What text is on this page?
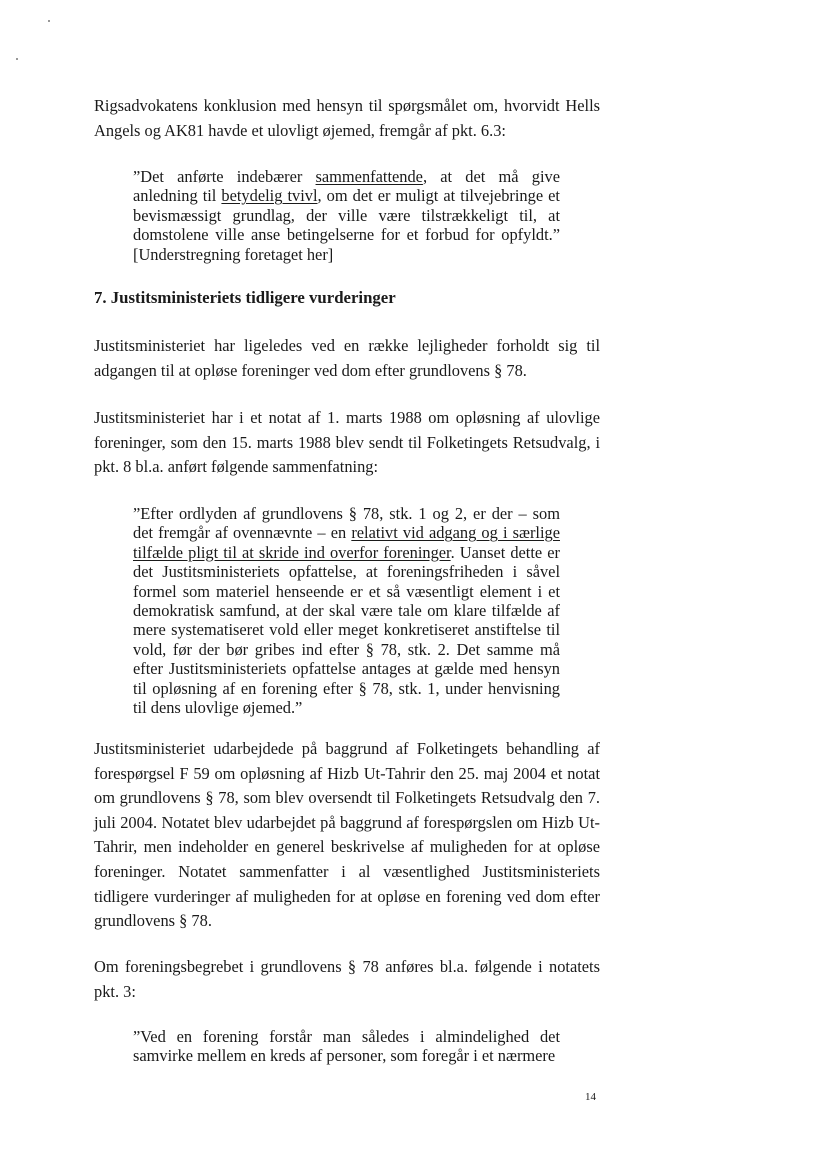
Rigsadvokatens konklusion med hensyn til spørgsmålet om, hvorvidt Hells Angels og AK81 havde et ulovligt øjemed, fremgår af pkt. 6.3:

”Det anførte indebærer sammenfattende, at det må give anledning til betydelig tvivl, om det er muligt at tilvejebringe et bevismæssigt grundlag, der ville være tilstrækkeligt til, at domstolene ville anse betingelserne for et forbud for opfyldt.” [Understregning foretaget her]

7. Justitsministeriets tidligere vurderinger

Justitsministeriet har ligeledes ved en række lejligheder forholdt sig til adgangen til at opløse foreninger ved dom efter grundlovens § 78.

Justitsministeriet har i et notat af 1. marts 1988 om opløsning af ulovlige foreninger, som den 15. marts 1988 blev sendt til Folketingets Retsudvalg, i pkt. 8 bl.a. anført følgende sammenfatning:

”Efter ordlyden af grundlovens § 78, stk. 1 og 2, er der – som det fremgår af ovennævnte – en relativt vid adgang og i særlige tilfælde pligt til at skride ind overfor foreninger. Uanset dette er det Justitsministeriets opfattelse, at foreningsfriheden i såvel formel som materiel henseende er et så væsentligt element i et demokratisk samfund, at der skal være tale om klare tilfælde af mere systematiseret vold eller meget konkretiseret anstiftelse til vold, før der bør gribes ind efter § 78, stk. 2. Det samme må efter Justitsministeriets opfattelse antages at gælde med hensyn til opløsning af en forening efter § 78, stk. 1, under henvisning til dens ulovlige øjemed.”

Justitsministeriet udarbejdede på baggrund af Folketingets behandling af forespørgsel F 59 om opløsning af Hizb Ut-Tahrir den 25. maj 2004 et notat om grundlovens § 78, som blev oversendt til Folketingets Retsudvalg den 7. juli 2004. Notatet blev udarbejdet på baggrund af forespørgslen om Hizb Ut-Tahrir, men indeholder en generel beskrivelse af muligheden for at opløse foreninger. Notatet sammenfatter i al væsentlighed Justitsministeriets tidligere vurderinger af muligheden for at opløse en forening ved dom efter grundlovens § 78.

Om foreningsbegrebet i grundlovens § 78 anføres bl.a. følgende i notatets pkt. 3:

”Ved en forening forstår man således i almindelighed det samvirke mellem en kreds af personer, som foregår i et nærmere

14
